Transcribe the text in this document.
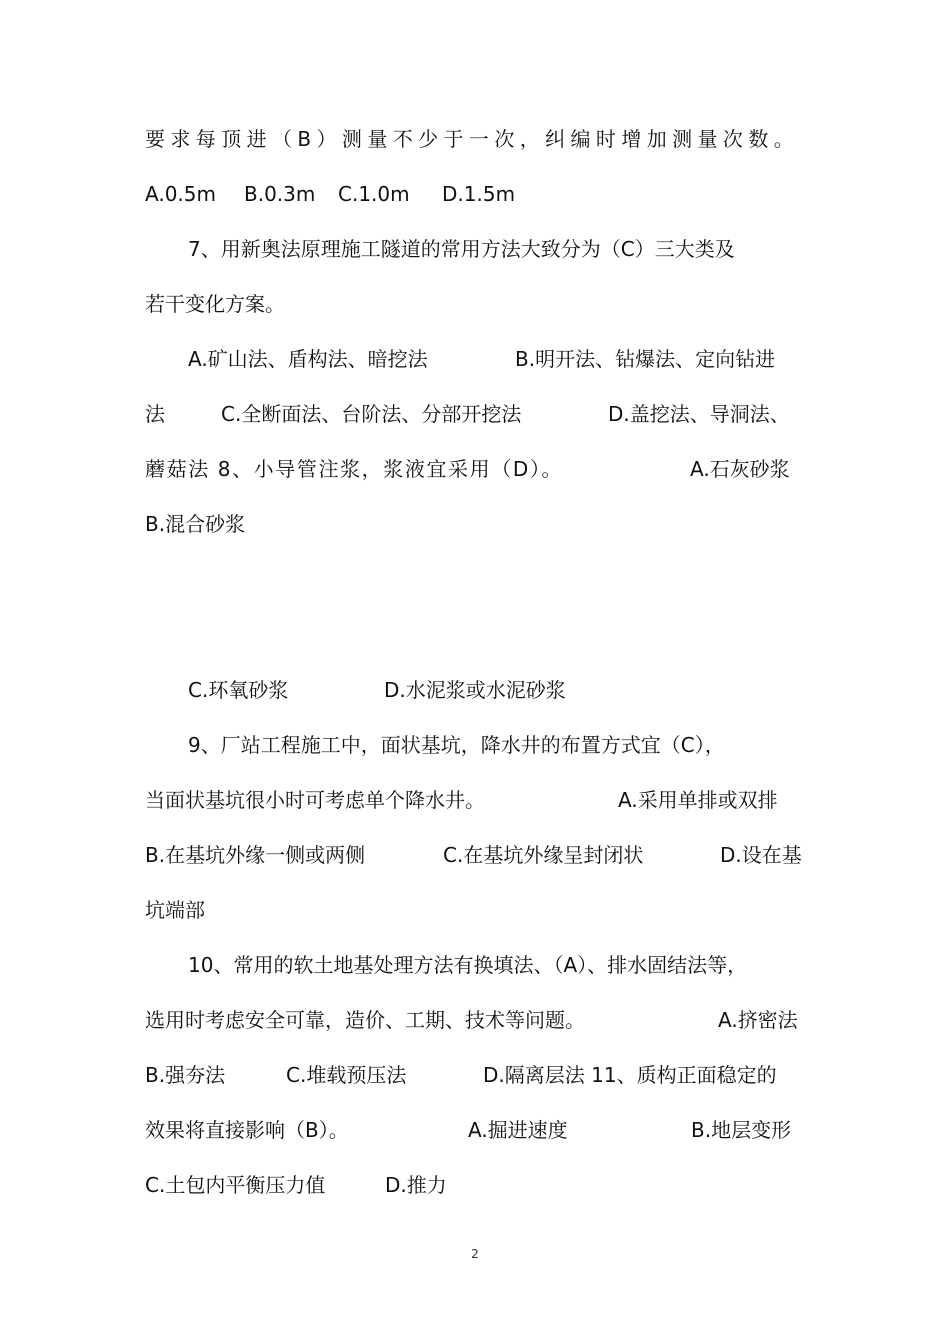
要求每顶进（B）测量不少于一次，纠编时增加测量次数。
A.0.5m B.0.3m C.1.0m D.1.5m
7、用新奥法原理施工隧道的常用方法大致分为（C）三大类及
若干变化方案。
A.矿山法、盾构法、暗挖法	B.明开法、钻爆法、定向钻进
法	C.全断面法、台阶法、分部开挖法	D.盖挖法、导洞法、
蘑菇法 8、小导管注浆，浆液宜采用（D）。	A.石灰砂浆
B.混合砂浆
C.环氧砂浆	D.水泥浆或水泥砂浆
9、厂站工程施工中，面状基坑，降水井的布置方式宜（C），
当面状基坑很小时可考虑单个降水井。	A.采用单排或双排
B.在基坑外缘一侧或两侧	C.在基坑外缘呈封闭状	D.设在基
坑端部
10、常用的软土地基处理方法有换填法、（A）、排水固结法等，
选用时考虑安全可靠，造价、工期、技术等问题。	A.挤密法
B.强夯法	C.堆载预压法	D.隔离层法 11、质构正面稳定的
效果将直接影响（B）。	A.掘进速度	B.地层变形
C.土包内平衡压力值	D.推力
2
